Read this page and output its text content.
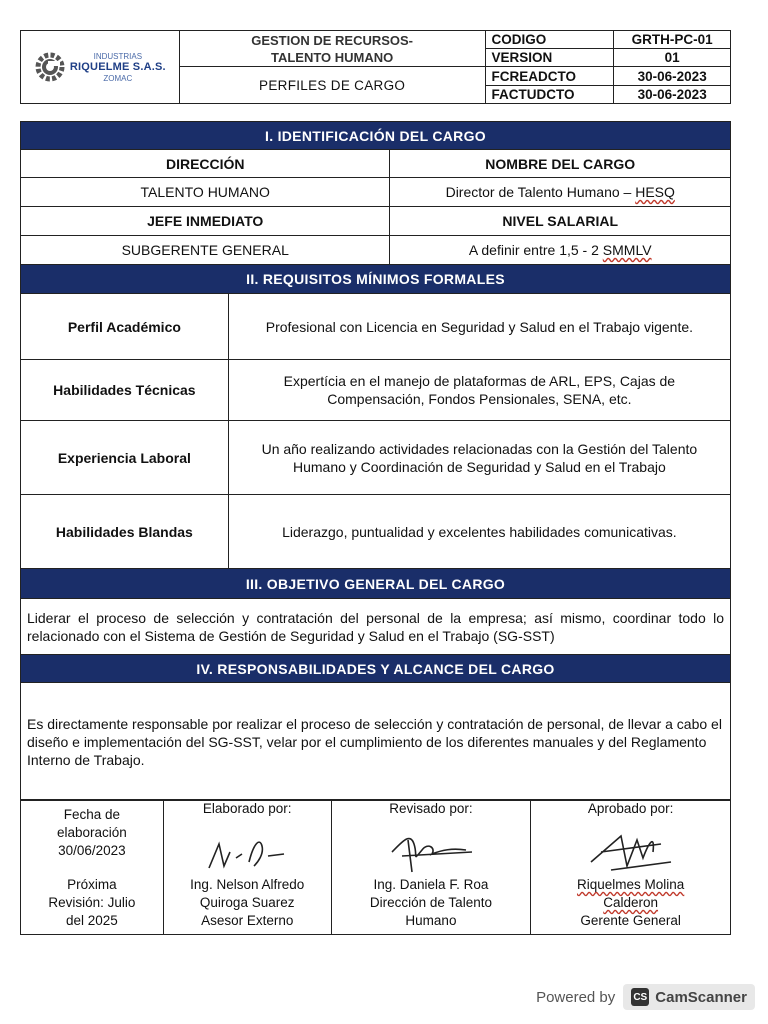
INDUSTRIAS
RIQUELME S.A.S.
ZOMAC	GESTION DE RECURSOS-
TALENTO HUMANO	CODIGO	GRTH-PC-01
		VERSION	01
	PERFILES DE CARGO	FCREADCTO	30-06-2023
		FACTUDCTO	30-06-2023
I. IDENTIFICACIÓN DEL CARGO		
DIRECCIÓN		NOMBRE DEL CARGO
TALENTO HUMANO		Director de Talento Humano – HESQ
JEFE INMEDIATO		NIVEL SALARIAL
SUBGERENTE GENERAL		A definir entre 1,5 - 2 SMMLV
II. REQUISITOS MÍNIMOS FORMALES		
Perfil Académico	Profesional con Licencia en Seguridad y Salud en el Trabajo vigente.	
Habilidades Técnicas	Expertícia en el manejo de plataformas de ARL, EPS, Cajas de Compensación, Fondos Pensionales, SENA, etc.	
Experiencia Laboral	Un año realizando actividades relacionadas con la Gestión del Talento Humano y Coordinación de Seguridad y Salud en el Trabajo	
Habilidades Blandas	Liderazgo, puntualidad y excelentes habilidades comunicativas.	
III. OBJETIVO GENERAL DEL CARGO		
Liderar el proceso de selección y contratación del personal de la empresa; así mismo, coordinar todo lo relacionado con el Sistema de Gestión de Seguridad y Salud en el Trabajo (SG-SST)		
IV. RESPONSABILIDADES Y ALCANCE DEL CARGO		
Es directamente responsable por realizar el proceso de selección y contratación de personal, de llevar a cabo el diseño e implementación del SG-SST, velar por el cumplimiento de los diferentes manuales y del Reglamento Interno de Trabajo.		
Fecha de
elaboración
30/06/2023
Próxima
Revisión: Julio
del 2025

Elaborado por:
Ing. Nelson Alfredo
Quiroga Suarez
Asesor Externo

Revisado por:
Ing. Daniela F. Roa
Dirección de Talento
Humano

Aprobado por:
Riquelmes Molina
Calderon
Gerente General
Powered by CS CamScanner
